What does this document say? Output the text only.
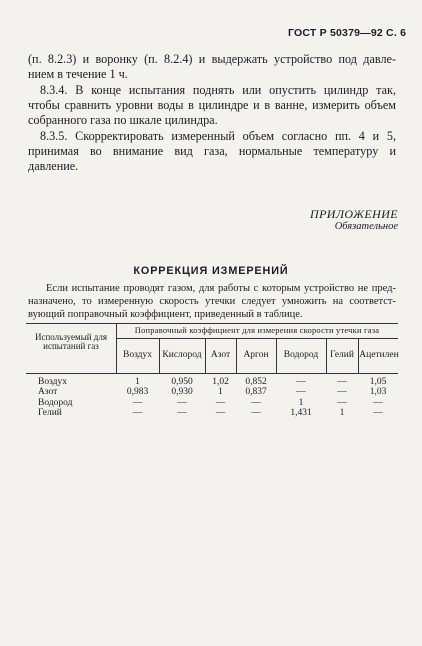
ГОСТ Р 50379—92 С. 6
(п. 8.2.3) и воронку (п. 8.2.4) и выдержать устройство под давле-
нием в течение 1 ч.
8.3.4. В конце испытания поднять или опустить цилиндр так,
чтобы сравнить уровни воды в цилиндре и в ванне, измерить объем
собранного газа по шкале цилиндра.
8.3.5. Скорректировать измеренный объем согласно пп. 4 и 5,
принимая во внимание вид газа, нормальные температуру и
давление.
ПРИЛОЖЕНИЕ
Обязательное
КОРРЕКЦИЯ ИЗМЕРЕНИЙ
Если испытание проводят газом, для работы с которым устройство не пред-
назначено, то измеренную скорость утечки следует умножить на соответст-
вующий поправочный коэффициент, приведенный в таблице.
Используемый для испытаний газ
Поправочный коэффициент для измерения скорости утечки газа
Воздух	Кислород Азот	Аргон	Водород	Гелий Ацетилен
Воздух	1	0,950	1,02	0,852	—	—	1,05
Азот	0,983	0,930	1	0,837	—	—	1,03
Водород	—	—	—	—	1	—	—
Гелий	—	—	—	—	1,431	1	—
